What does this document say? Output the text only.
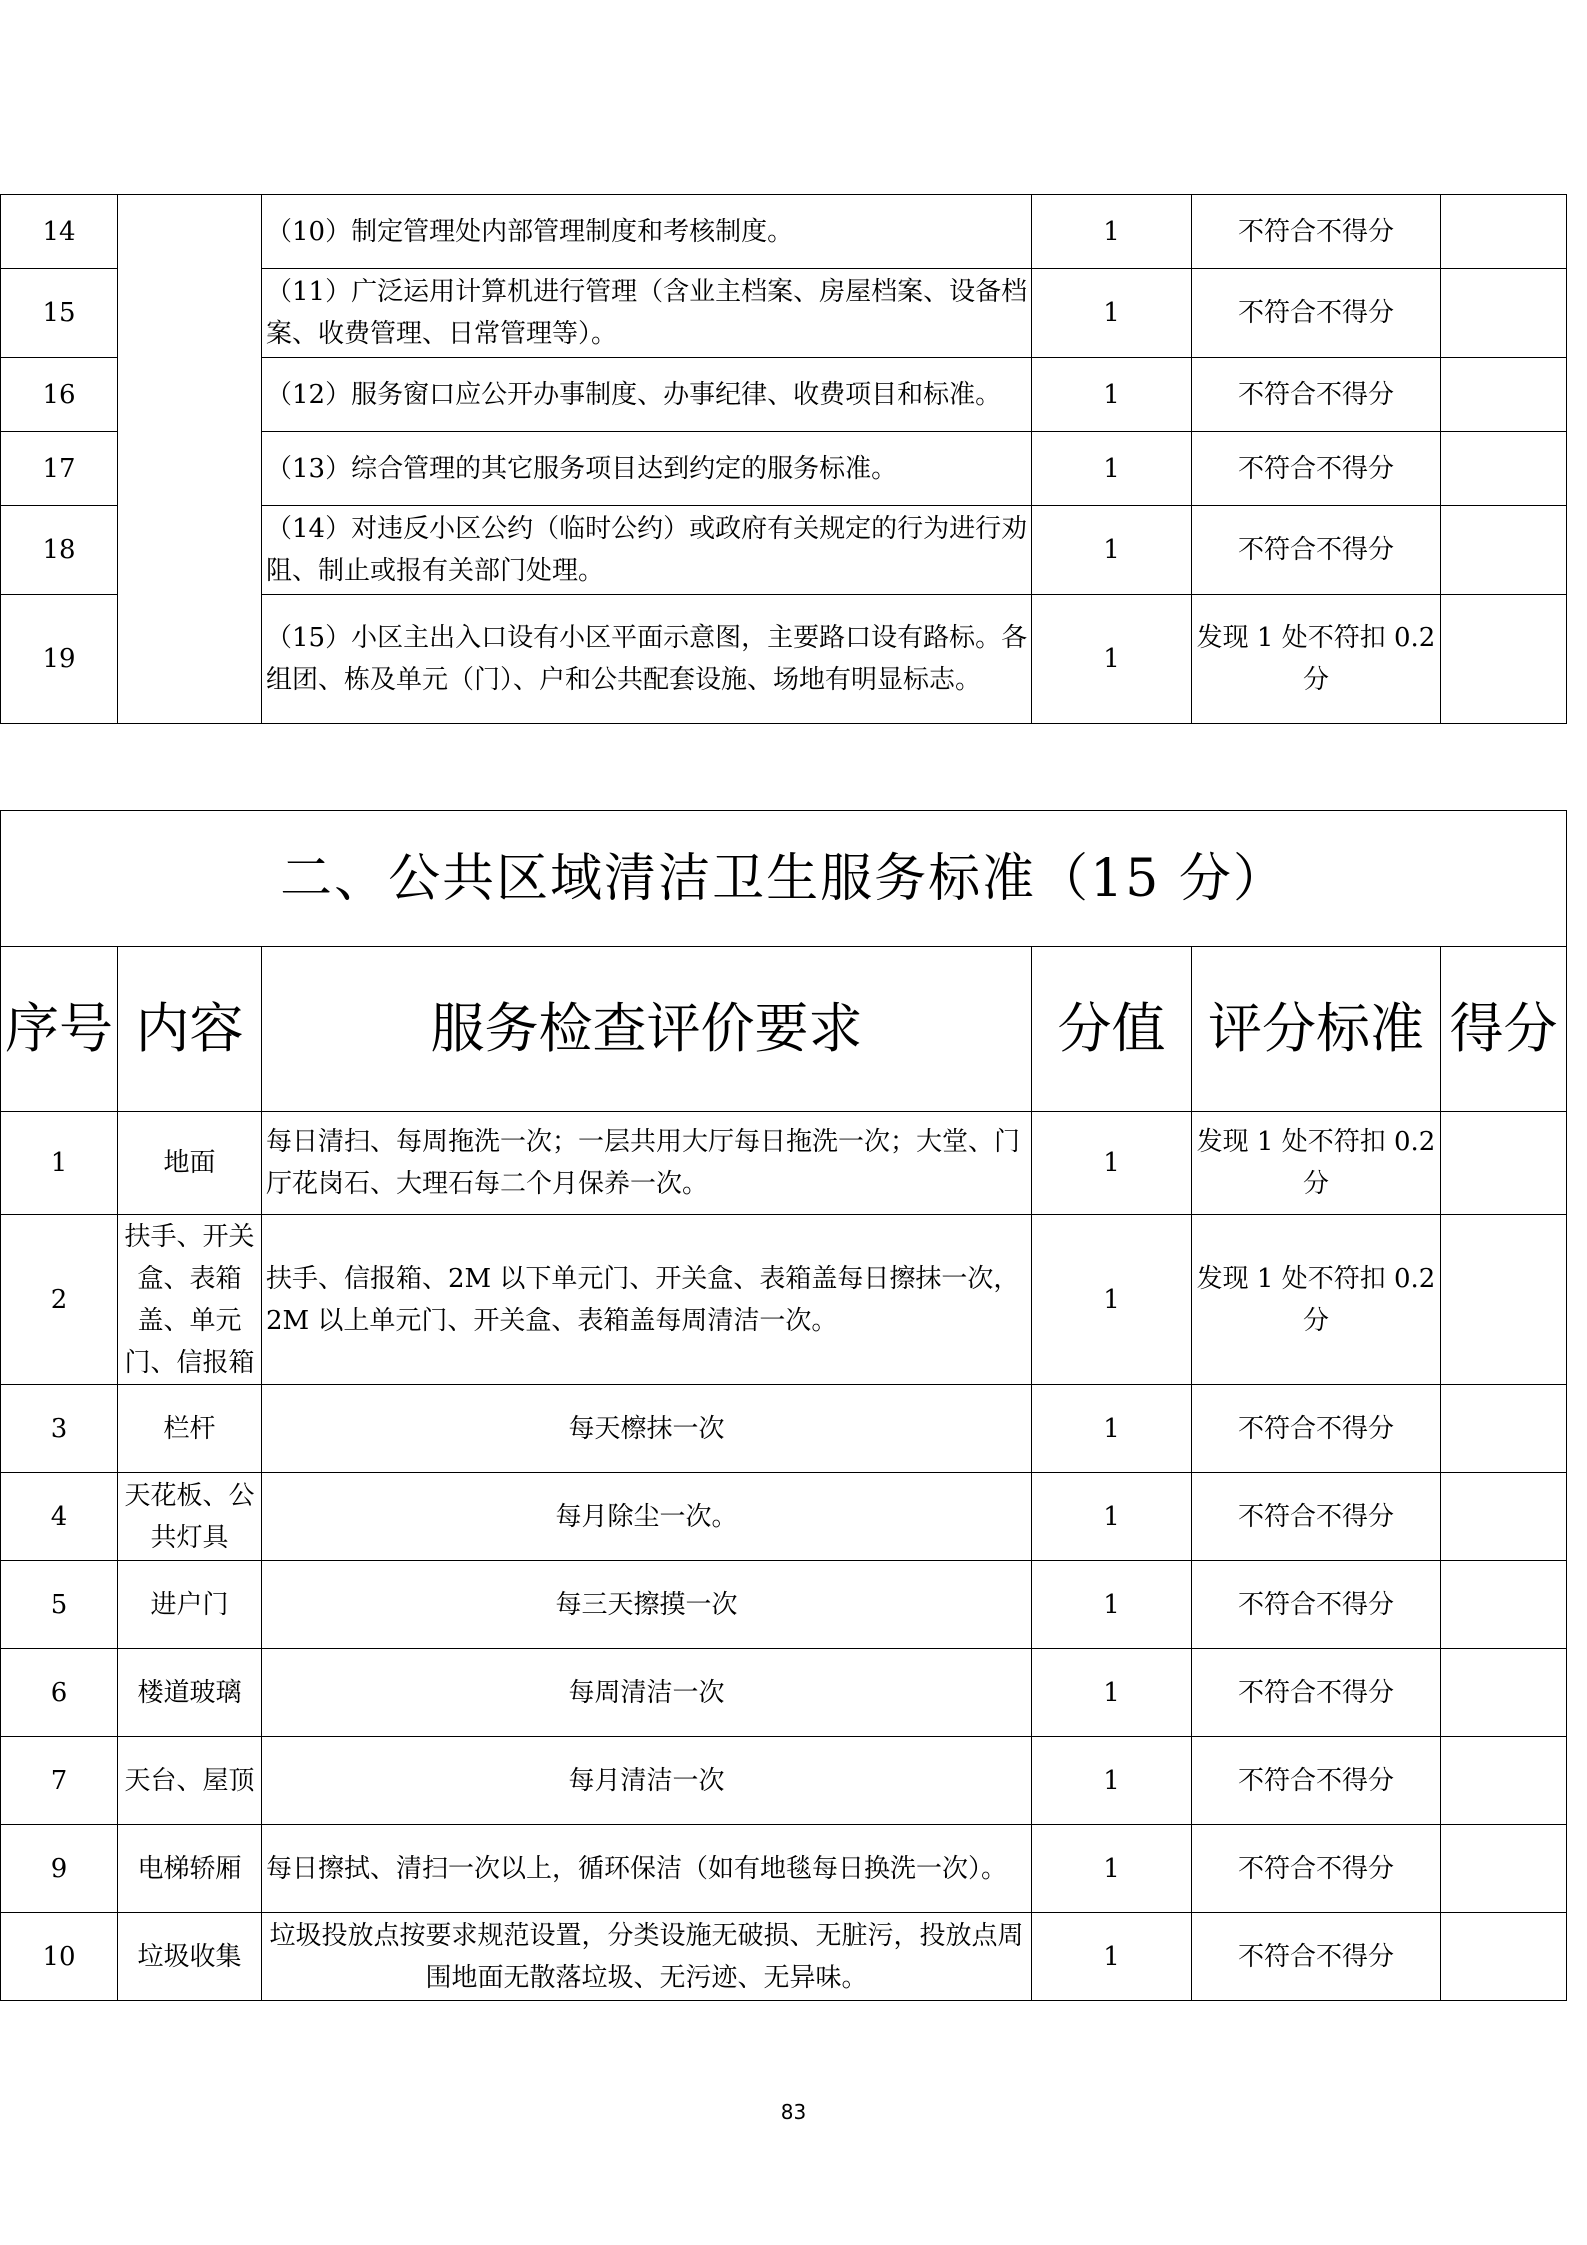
14		（10）制定管理处内部管理制度和考核制度。	1	不符合不得分	
15		（11）广泛运用计算机进行管理（含业主档案、房屋档案、设备档案、收费管理、日常管理等）。	1	不符合不得分	
16		（12）服务窗口应公开办事制度、办事纪律、收费项目和标准。	1	不符合不得分	
17		（13）综合管理的其它服务项目达到约定的服务标准。	1	不符合不得分	
18		（14）对违反小区公约（临时公约）或政府有关规定的行为进行劝阻、制止或报有关部门处理。	1	不符合不得分	
19		（15）小区主出入口设有小区平面示意图，主要路口设有路标。各组团、栋及单元（门）、户和公共配套设施、场地有明显标志。	1	发现 1 处不符扣 0.2 分	
二、公共区域清洁卫生服务标准（15 分）					
序号	内容	服务检查评价要求	分值	评分标准	得分
1	地面	每日清扫、每周拖洗一次；一层共用大厅每日拖洗一次；大堂、门厅花岗石、大理石每二个月保养一次。	1	发现 1 处不符扣 0.2 分	
2	扶手、开关盒、表箱盖、单元门、信报箱	扶手、信报箱、2M 以下单元门、开关盒、表箱盖每日擦抹一次，2M 以上单元门、开关盒、表箱盖每周清洁一次。	1	发现 1 处不符扣 0.2 分	
3	栏杆	每天檫抹一次	1	不符合不得分	
4	天花板、公共灯具	每月除尘一次。	1	不符合不得分	
5	进户门	每三天擦摸一次	1	不符合不得分	
6	楼道玻璃	每周清洁一次	1	不符合不得分	
7	天台、屋顶	每月清洁一次	1	不符合不得分	
9	电梯轿厢	每日擦拭、清扫一次以上，循环保洁（如有地毯每日换洗一次）。	1	不符合不得分	
10	垃圾收集	垃圾投放点按要求规范设置，分类设施无破损、无脏污，投放点周围地面无散落垃圾、无污迹、无异味。	1	不符合不得分	
83
